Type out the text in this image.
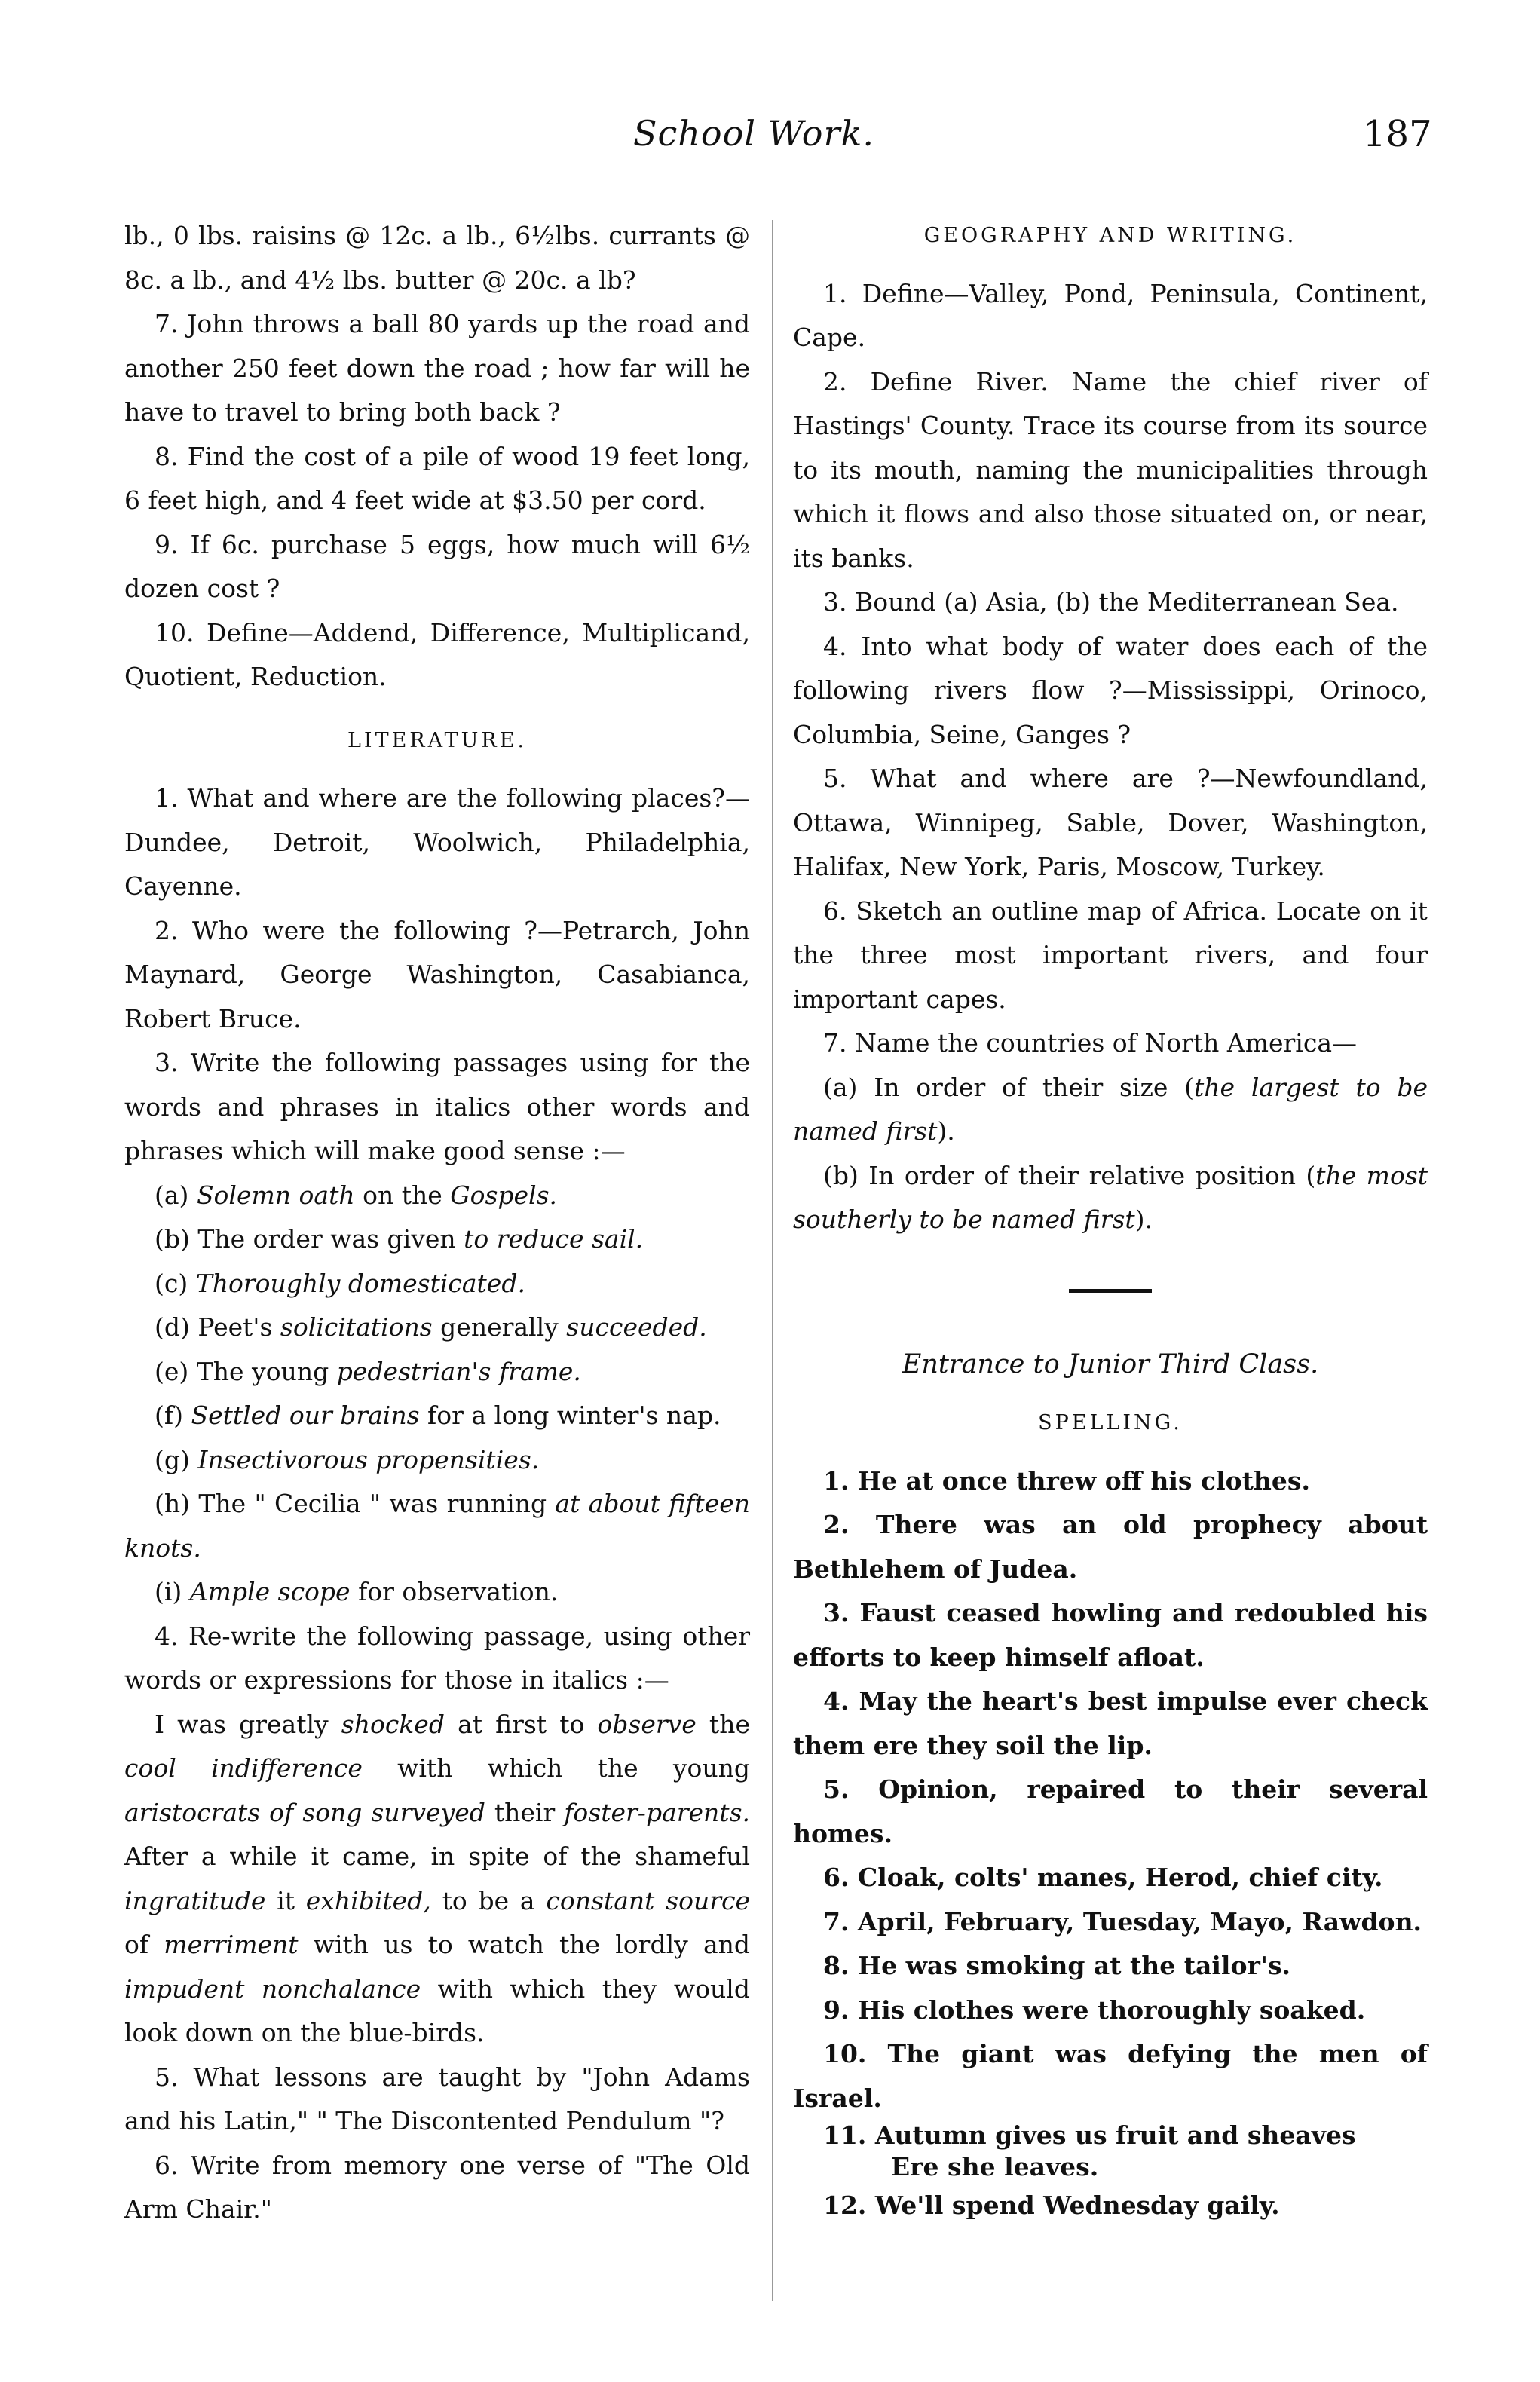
School Work.	187

lb., 0 lbs. raisins @ 12c. a lb., 6½lbs. currants @ 8c. a lb., and 4½ lbs. butter @ 20c. a lb?

7. John throws a ball 80 yards up the road and another 250 feet down the road ; how far will he have to travel to bring both back ?

8. Find the cost of a pile of wood 19 feet long, 6 feet high, and 4 feet wide at $3.50 per cord.

9. If 6c. purchase 5 eggs, how much will 6½ dozen cost ?

10. Define—Addend, Difference, Multiplicand, Quotient, Reduction.

LITERATURE.

1. What and where are the following places?—Dundee, Detroit, Woolwich, Philadelphia, Cayenne.

2. Who were the following ?—Petrarch, John Maynard, George Washington, Casabianca, Robert Bruce.

3. Write the following passages using for the words and phrases in italics other words and phrases which will make good sense :—

(a) Solemn oath on the Gospels.

(b) The order was given to reduce sail.

(c) Thoroughly domesticated.

(d) Peet's solicitations generally succeeded.

(e) The young pedestrian's frame.

(f) Settled our brains for a long winter's nap.

(g) Insectivorous propensities.

(h) The " Cecilia " was running at about fifteen knots.

(i) Ample scope for observation.

4. Re-write the following passage, using other words or expressions for those in italics :—

I was greatly shocked at first to observe the cool indifference with which the young aristocrats of song surveyed their foster-parents. After a while it came, in spite of the shameful ingratitude it exhibited, to be a constant source of merriment with us to watch the lordly and impudent nonchalance with which they would look down on the blue-birds.

5. What lessons are taught by "John Adams and his Latin," " The Discontented Pendulum "?

6. Write from memory one verse of "The Old Arm Chair."

GEOGRAPHY AND WRITING.

1. Define—Valley, Pond, Peninsula, Continent, Cape.

2. Define River. Name the chief river of Hastings' County. Trace its course from its source to its mouth, naming the municipalities through which it flows and also those situated on, or near, its banks.

3. Bound (a) Asia, (b) the Mediterranean Sea.

4. Into what body of water does each of the following rivers flow ?—Mississippi, Orinoco, Columbia, Seine, Ganges ?

5. What and where are ?—Newfoundland, Ottawa, Winnipeg, Sable, Dover, Washington, Halifax, New York, Paris, Moscow, Turkey.

6. Sketch an outline map of Africa. Locate on it the three most important rivers, and four important capes.

7. Name the countries of North America—

(a) In order of their size (the largest to be named first).

(b) In order of their relative position (the most southerly to be named first).

Entrance to Junior Third Class.
SPELLING.

1. He at once threw off his clothes.

2. There was an old prophecy about Bethlehem of Judea.

3. Faust ceased howling and redoubled his efforts to keep himself afloat.

4. May the heart's best impulse ever check them ere they soil the lip.

5. Opinion, repaired to their several homes.

6. Cloak, colts' manes, Herod, chief city.

7. April, February, Tuesday, Mayo, Rawdon.

8. He was smoking at the tailor's.

9. His clothes were thoroughly soaked.

10. The giant was defying the men of Israel.

11. Autumn gives us fruit and sheaves

Ere she leaves.

12. We'll spend Wednesday gaily.
